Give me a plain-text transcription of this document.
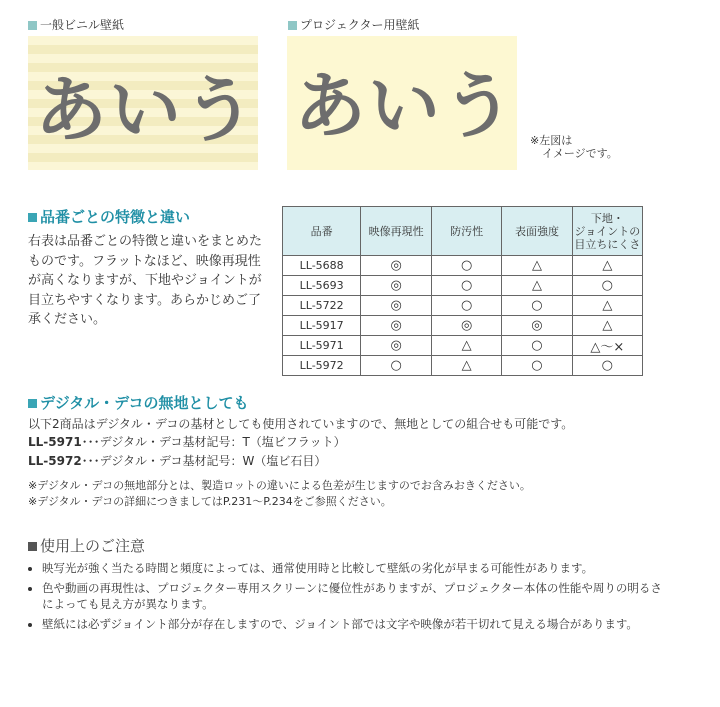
一般ビニル壁紙
あいう
プロジェクター用壁紙
あいう ※左図は
イメージです。
品番ごとの特徴と違い
右表は品番ごとの特徴と違いをまとめたものです。フラットなほど、映像再現性が高くなりますが、下地やジョイントが目立ちやすくなります。あらかじめご了承ください。
品番	映像再現性	防汚性	表面強度	下地・
ジョイントの
目立ちにくさ
LL-5688	◎	○	△	△
LL-5693	◎	○	△	○
LL-5722	◎	○	○	△
LL-5917	◎	◎	◎	△
LL-5971	◎	△	○	△～×
LL-5972	○	△	○	○
デジタル・デコの無地としても
以下2商品はデジタル・デコの基材としても使用されていますので、無地としての組合せも可能です。
LL-5971･･･デジタル・デコ基材記号：T（塩ビフラット）
LL-5972･･･デジタル・デコ基材記号：W（塩ビ石目）
※デジタル・デコの無地部分とは、製造ロットの違いによる色差が生じますのでお含みおきください。
※デジタル・デコの詳細につきましてはP.231～P.234をご参照ください。
使用上のご注意
• 映写光が強く当たる時間と頻度によっては、通常使用時と比較して壁紙の劣化が早まる可能性があります。
• 色や動画の再現性は、プロジェクター専用スクリーンに優位性がありますが、プロジェクター本体の性能や周りの明るさによっても見え方が異なります。
• 壁紙には必ずジョイント部分が存在しますので、ジョイント部では文字や映像が若干切れて見える場合があります。
